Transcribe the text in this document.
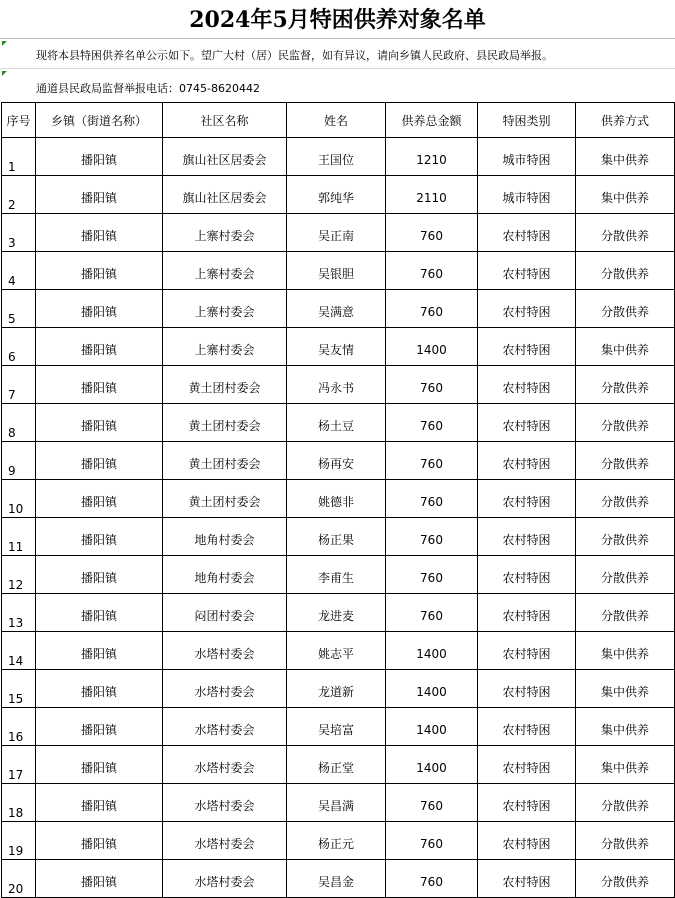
2024年5月特困供养对象名单
现将本县特困供养名单公示如下。望广大村（居）民监督，如有异议，请向乡镇人民政府、县民政局举报。
通道县民政局监督举报电话：0745-8620442
序号	乡镇（街道名称）	社区名称	姓名	供养总金额	特困类别	供养方式
1	播阳镇	旗山社区居委会	王国位	1210	城市特困	集中供养
2	播阳镇	旗山社区居委会	郭纯华	2110	城市特困	集中供养
3	播阳镇	上寨村委会	吴正南	760	农村特困	分散供养
4	播阳镇	上寨村委会	吴银胆	760	农村特困	分散供养
5	播阳镇	上寨村委会	吴满意	760	农村特困	分散供养
6	播阳镇	上寨村委会	吴友情	1400	农村特困	集中供养
7	播阳镇	黄土团村委会	冯永书	760	农村特困	分散供养
8	播阳镇	黄土团村委会	杨土豆	760	农村特困	分散供养
9	播阳镇	黄土团村委会	杨再安	760	农村特困	分散供养
10	播阳镇	黄土团村委会	姚德非	760	农村特困	分散供养
11	播阳镇	地角村委会	杨正果	760	农村特困	分散供养
12	播阳镇	地角村委会	李甫生	760	农村特困	分散供养
13	播阳镇	闷团村委会	龙进麦	760	农村特困	分散供养
14	播阳镇	水塔村委会	姚志平	1400	农村特困	集中供养
15	播阳镇	水塔村委会	龙道新	1400	农村特困	集中供养
16	播阳镇	水塔村委会	吴培富	1400	农村特困	集中供养
17	播阳镇	水塔村委会	杨正堂	1400	农村特困	集中供养
18	播阳镇	水塔村委会	吴昌满	760	农村特困	分散供养
19	播阳镇	水塔村委会	杨正元	760	农村特困	分散供养
20	播阳镇	水塔村委会	吴昌金	760	农村特困	分散供养
